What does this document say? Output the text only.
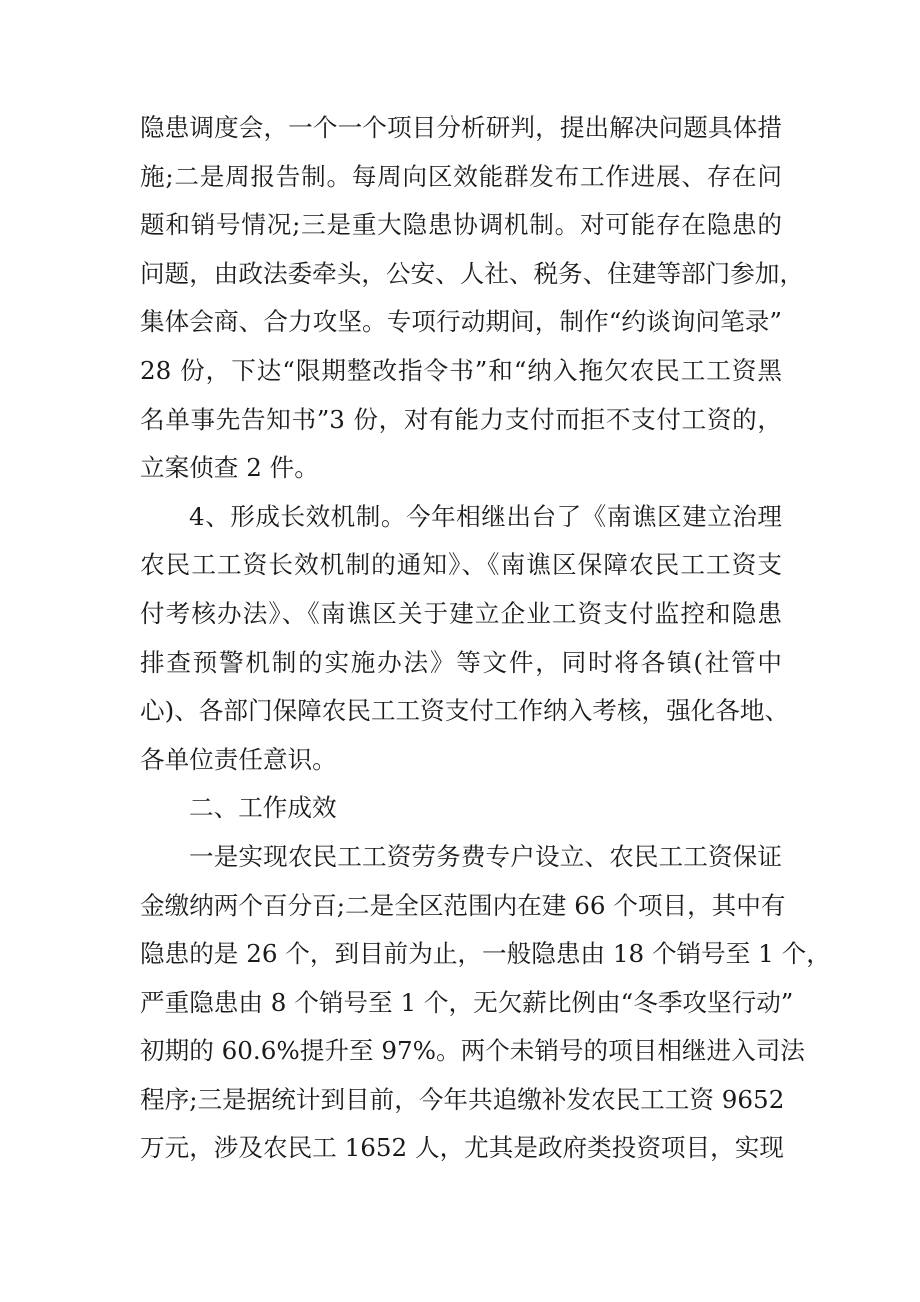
隐患调度会，一个一个项目分析研判，提出解决问题具体措
施;二是周报告制。每周向区效能群发布工作进展、存在问
题和销号情况;三是重大隐患协调机制。对可能存在隐患的
问题，由政法委牵头，公安、人社、税务、住建等部门参加，
集体会商、合力攻坚。专项行动期间，制作“约谈询问笔录”
28 份，下达“限期整改指令书”和“纳入拖欠农民工工资黑
名单事先告知书”3 份，对有能力支付而拒不支付工资的，
立案侦查 2 件。
4、形成长效机制。今年相继出台了《南谯区建立治理
农民工工资长效机制的通知》、《南谯区保障农民工工资支
付考核办法》、《南谯区关于建立企业工资支付监控和隐患
排查预警机制的实施办法》等文件，同时将各镇(社管中
心)、各部门保障农民工工资支付工作纳入考核，强化各地、
各单位责任意识。
二、工作成效
一是实现农民工工资劳务费专户设立、农民工工资保证
金缴纳两个百分百;二是全区范围内在建 66 个项目，其中有
隐患的是 26 个，到目前为止，一般隐患由 18 个销号至 1 个，
严重隐患由 8 个销号至 1 个，无欠薪比例由“冬季攻坚行动”
初期的 60.6%提升至 97%。两个未销号的项目相继进入司法
程序;三是据统计到目前，今年共追缴补发农民工工资 9652
万元，涉及农民工 1652 人，尤其是政府类投资项目，实现
